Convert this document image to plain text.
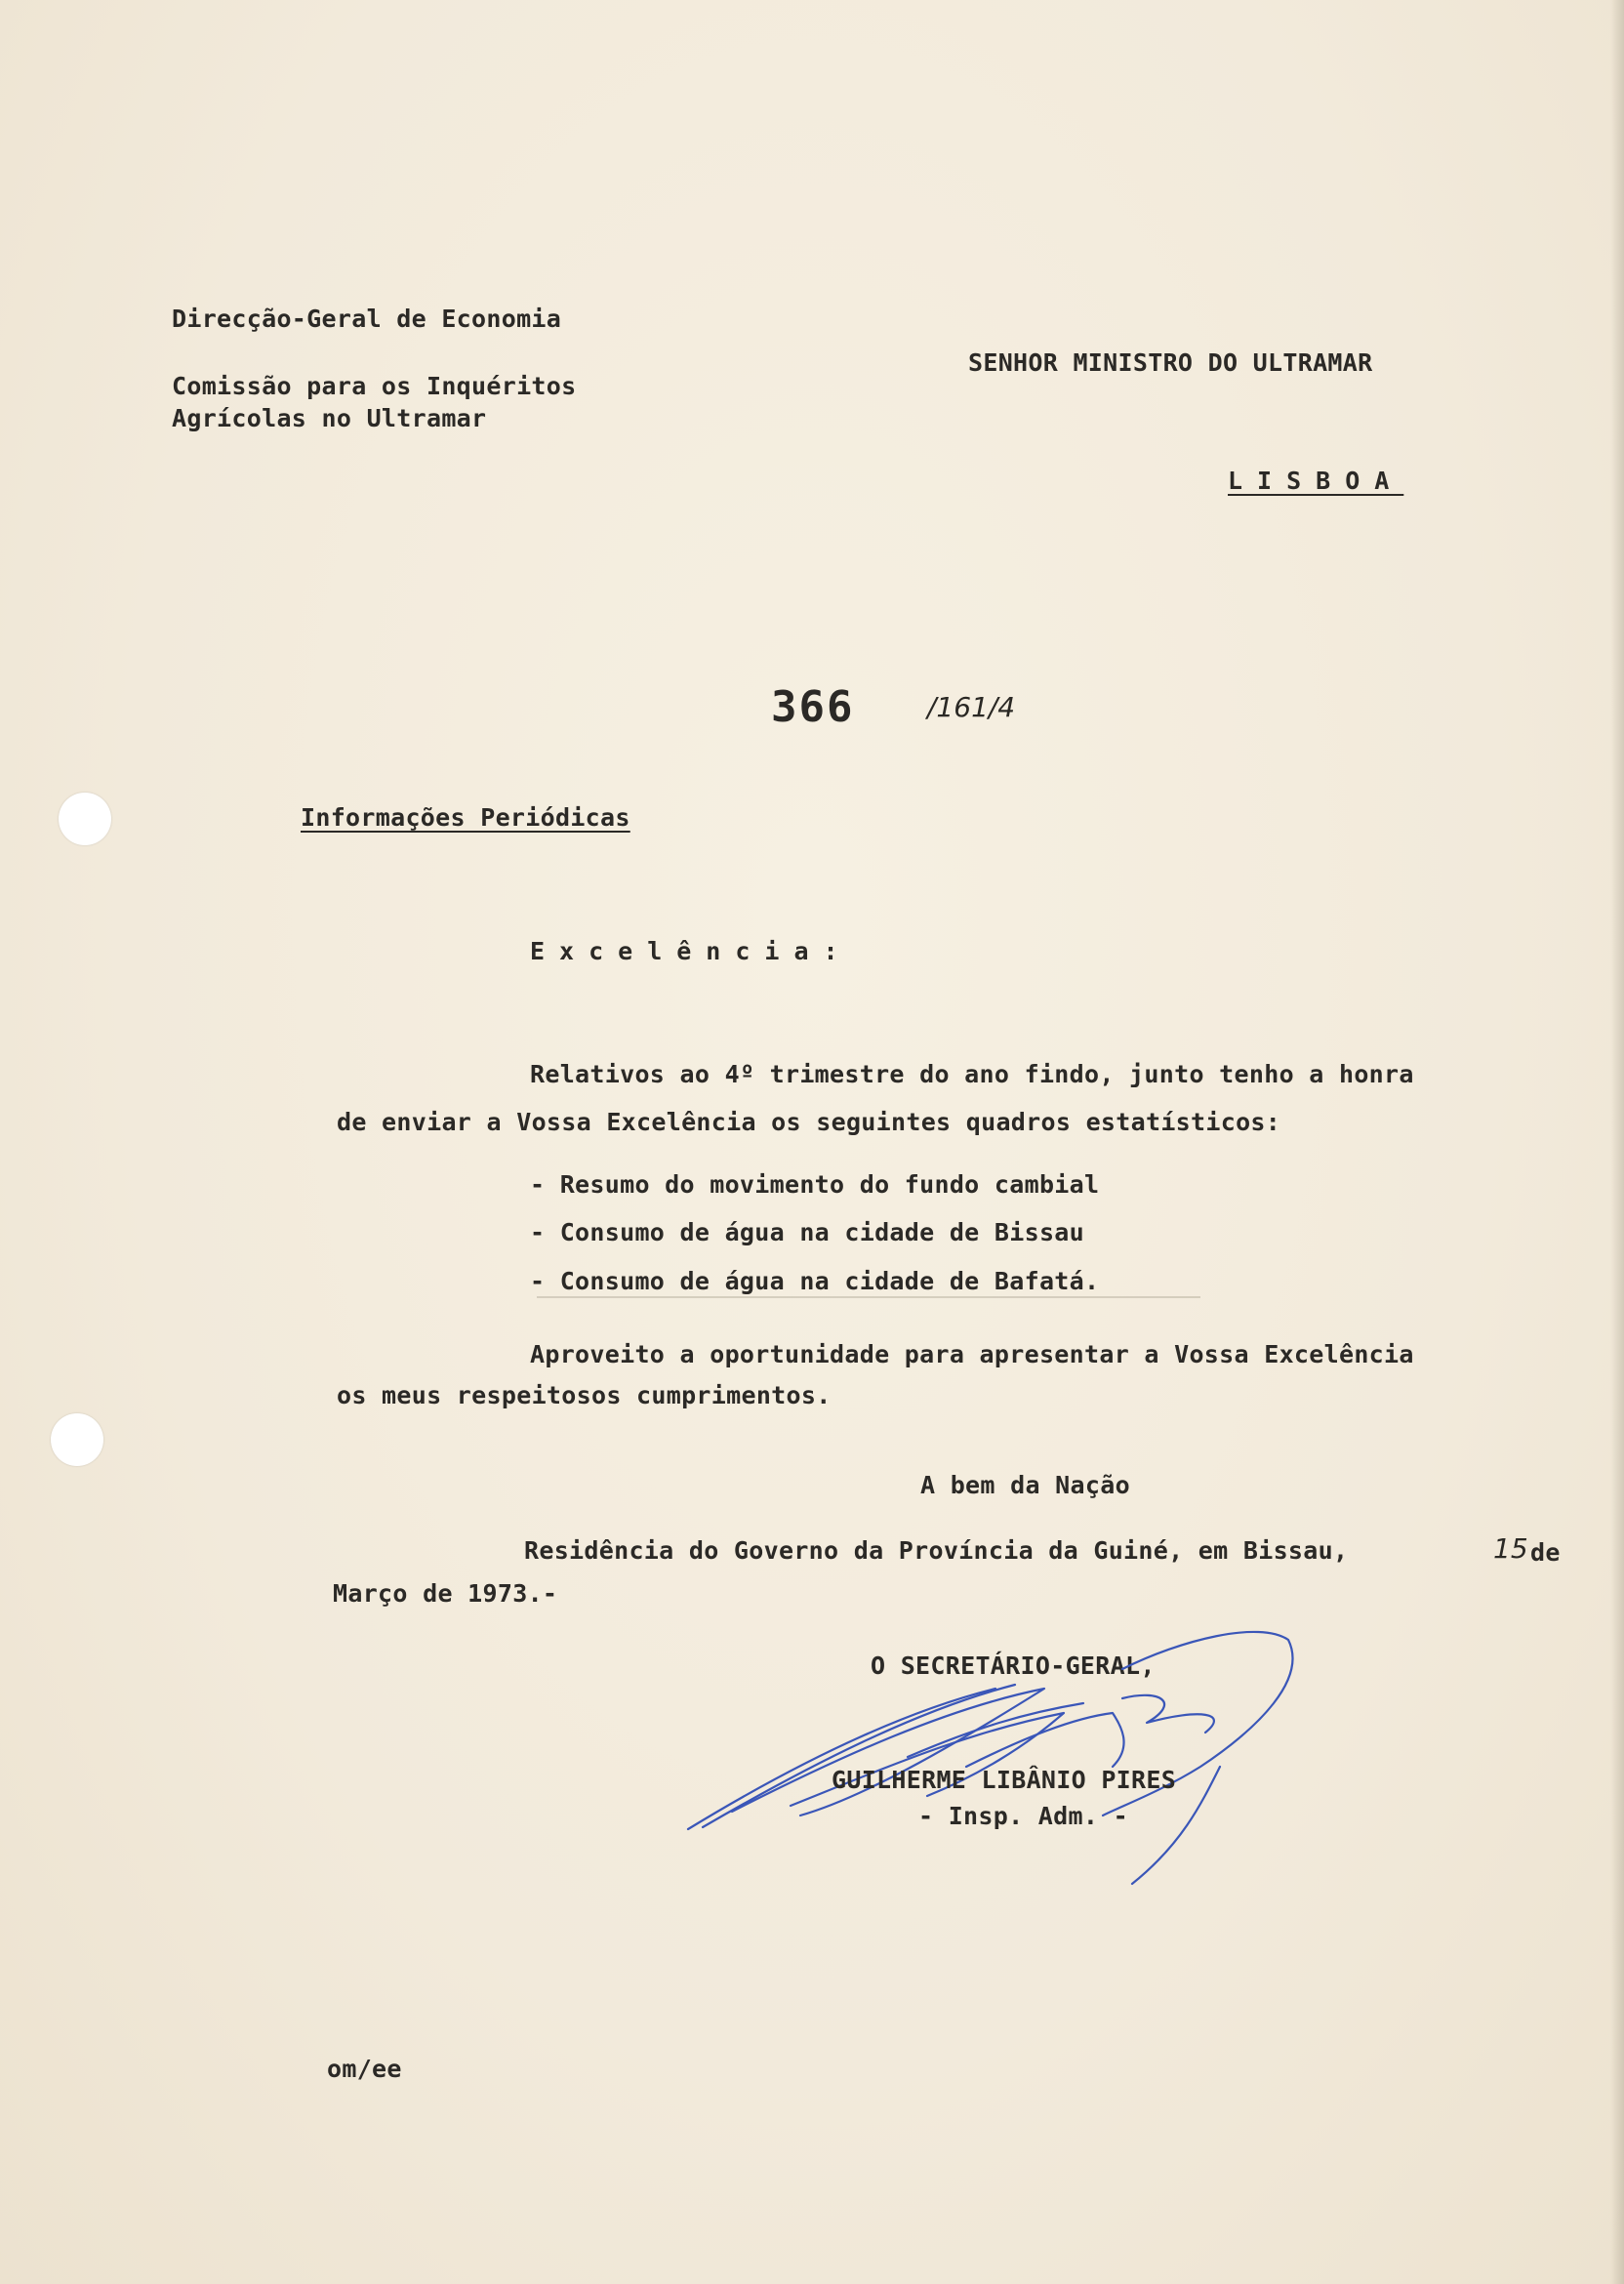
Direcção-Geral de Economia
Comissão para os Inquéritos
Agrícolas no Ultramar
SENHOR MINISTRO DO ULTRAMAR
LISBOA
366	/161/4
Informações Periódicas
Excelência:
Relativos ao 4º trimestre do ano findo, junto tenho a honra
de enviar a Vossa Excelência os seguintes quadros estatísticos:
- Resumo do movimento do fundo cambial
- Consumo de água na cidade de Bissau
- Consumo de água na cidade de Bafatá.
Aproveito a oportunidade para apresentar a Vossa Excelência
os meus respeitosos cumprimentos.
A bem da Nação
Residência do Governo da Província da Guiné, em Bissau,	15 de
Março de 1973.-
O SECRETÁRIO-GERAL,
GUILHERME LIBÂNIO PIRES
- Insp. Adm. -
om/ee
